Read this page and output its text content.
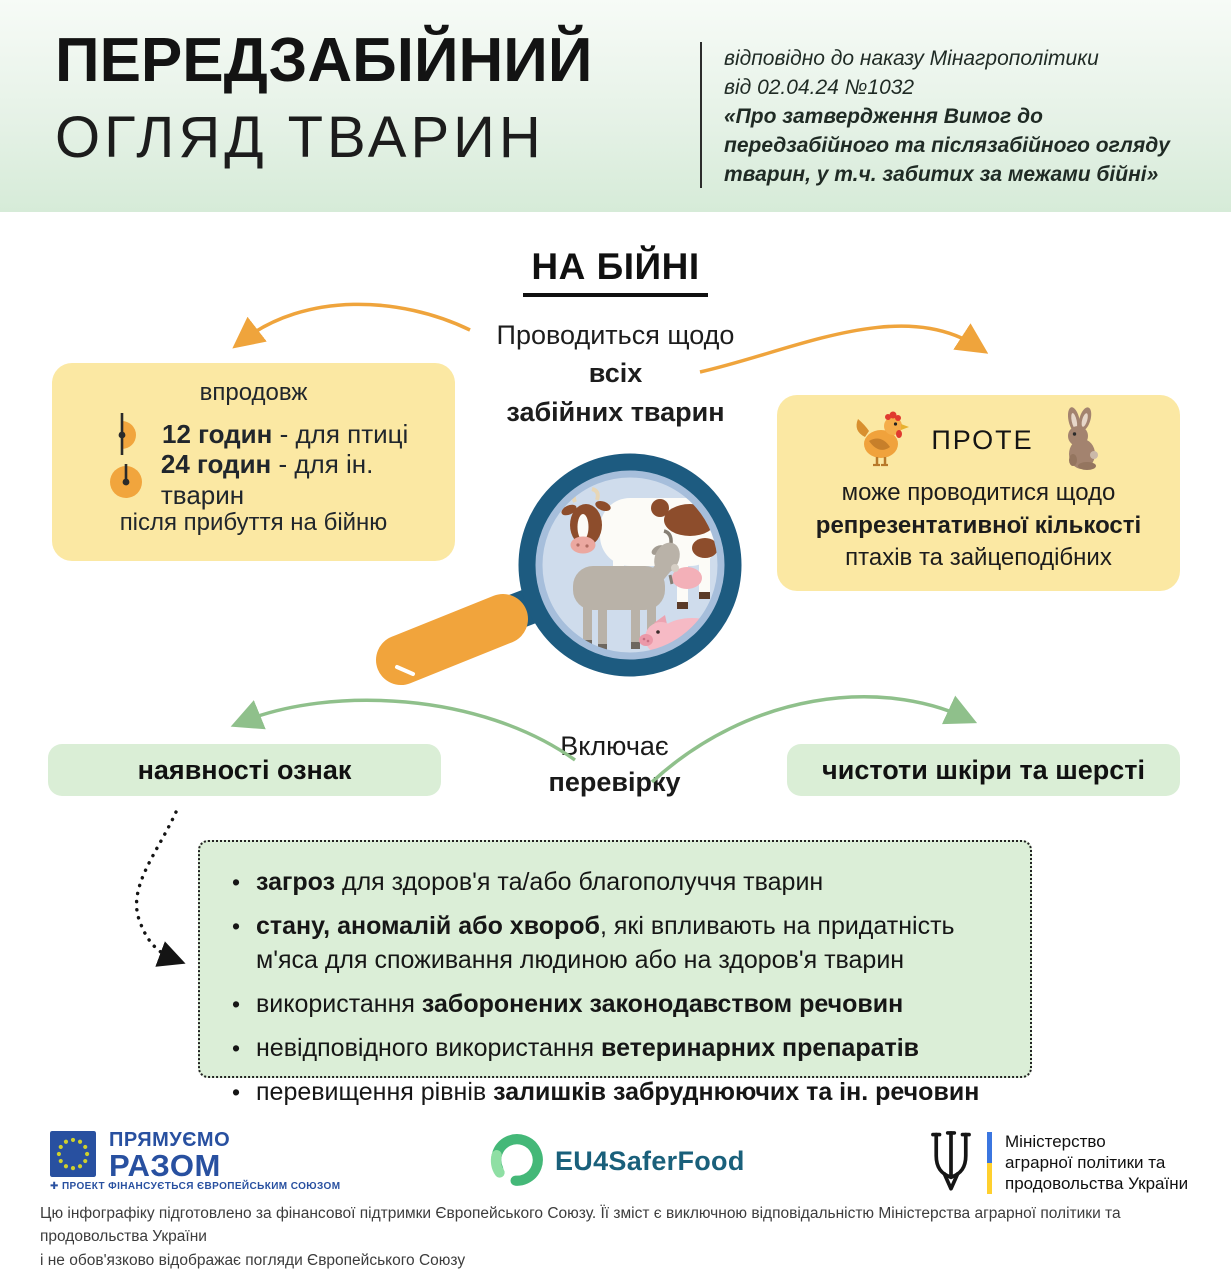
ПЕРЕДЗАБІЙНИЙ
ОГЛЯД ТВАРИН
відповідно до наказу Мінагрополітики
від 02.04.24 №1032
«Про затвердження Вимог до передзабійного та післязабійного огляду тварин, у т.ч. забитих за межами бійні»
НА БІЙНІ
Проводиться щодо
всіх
забійних тварин
впродовж
12 годин - для птиці
24 годин - для ін. тварин
після прибуття на бійню
ПРОТЕ
може проводитися щодо
репрезентативної кількості
птахів та зайцеподібних
Включає
перевірку
наявності ознак	чистоти шкіри та шерсті
• загроз для здоров'я та/або благополуччя тварин
• стану, аномалій або хвороб, які впливають на придатність м'яса для споживання людиною або на здоров'я тварин
• використання заборонених законодавством речовин
• невідповідного використання ветеринарних препаратів
• перевищення рівнів залишків забруднюючих та ін. речовин
ПРЯМУЄМО
РАЗОМ
✚ ПРОЕКТ ФІНАНСУЄТЬСЯ ЄВРОПЕЙСЬКИМ СОЮЗОМ
EU4SaferFood
Міністерство
аграрної політики та
продовольства України
Цю інфографіку підготовлено за фінансової підтримки Європейського Союзу. Її зміст є виключною відповідальністю Міністерства аграрної політики та продовольства України
і не обов'язково відображає погляди Європейського Союзу
